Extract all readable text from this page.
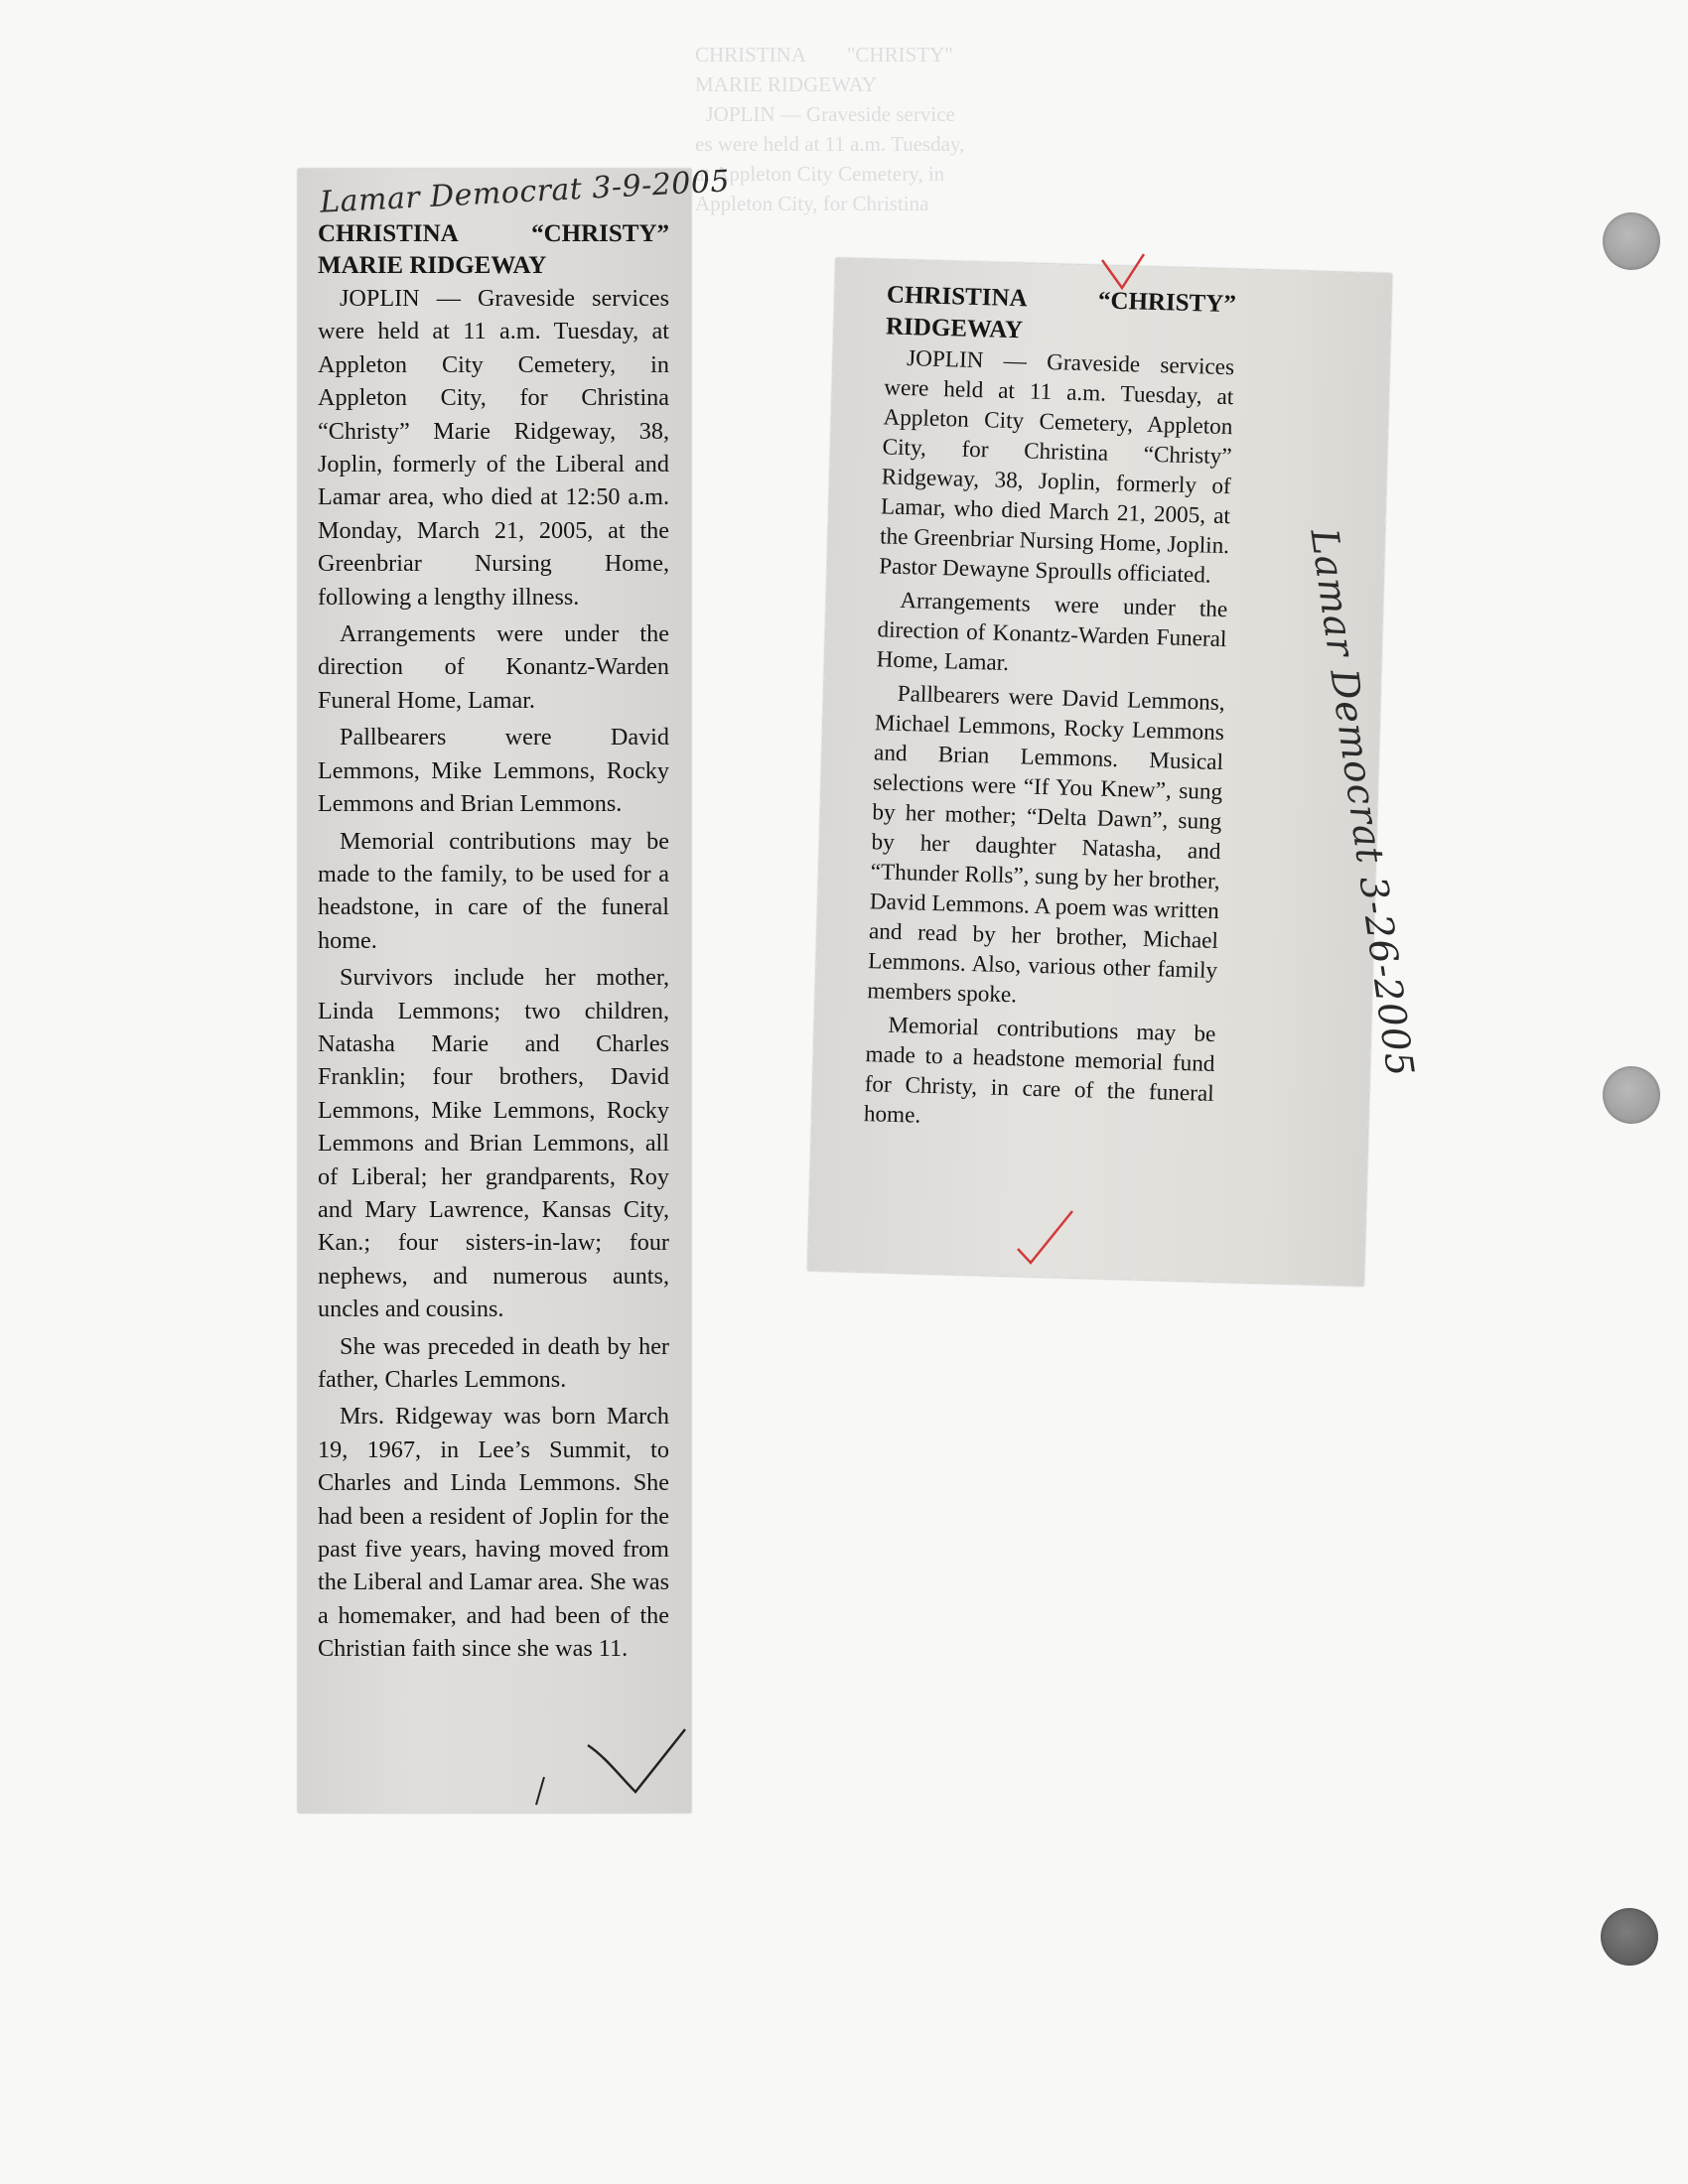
CHRISTINA        "CHRISTY"
MARIE RIDGEWAY
JOPLIN — Graveside service
es were held at 11 a.m. Tuesday,
at Appleton City Cemetery, in
Appleton City, for Christina
CHRISTINA	“CHRISTY”
MARIE RIDGEWAY

JOPLIN — Graveside services were held at 11 a.m. Tuesday, at Appleton City Cemetery, in Appleton City, for Christina “Christy” Marie Ridgeway, 38, Joplin, formerly of the Liberal and Lamar area, who died at 12:50 a.m. Monday, March 21, 2005, at the Greenbriar Nursing Home, following a lengthy illness.

Arrangements were under the direction of Konantz-Warden Funeral Home, Lamar.

Pallbearers were David Lemmons, Mike Lemmons, Rocky Lemmons and Brian Lemmons.

Memorial contributions may be made to the family, to be used for a headstone, in care of the funeral home.

Survivors include her mother, Linda Lemmons; two children, Natasha Marie and Charles Franklin; four brothers, David Lemmons, Mike Lemmons, Rocky Lemmons and Brian Lemmons, all of Liberal; her grandparents, Roy and Mary Lawrence, Kansas City, Kan.; four sisters-in-law; four nephews, and numerous aunts, uncles and cousins.

She was preceded in death by her father, Charles Lemmons.

Mrs. Ridgeway was born March 19, 1967, in Lee’s Summit, to Charles and Linda Lemmons. She had been a resident of Joplin for the past five years, having moved from the Liberal and Lamar area. She was a homemaker, and had been of the Christian faith since she was 11.

CHRISTINA	“CHRISTY”
RIDGEWAY

JOPLIN — Graveside services were held at 11 a.m. Tuesday, at Appleton City Cemetery, Appleton City, for Christina “Christy” Ridgeway, 38, Joplin, formerly of Lamar, who died March 21, 2005, at the Greenbriar Nursing Home, Joplin. Pastor Dewayne Sproulls officiated.

Arrangements were under the direction of Konantz-Warden Funeral Home, Lamar.

Pallbearers were David Lemmons, Michael Lemmons, Rocky Lemmons and Brian Lemmons. Musical selections were “If You Knew”, sung by her mother; “Delta Dawn”, sung by her daughter Natasha, and “Thunder Rolls”, sung by her brother, David Lemmons. A poem was written and read by her brother, Michael Lemmons. Also, various other family members spoke.

Memorial contributions may be made to a headstone memorial fund for Christy, in care of the funeral home.

Lamar Democrat 3-9-2005
Lamar Democrat 3-26-2005
